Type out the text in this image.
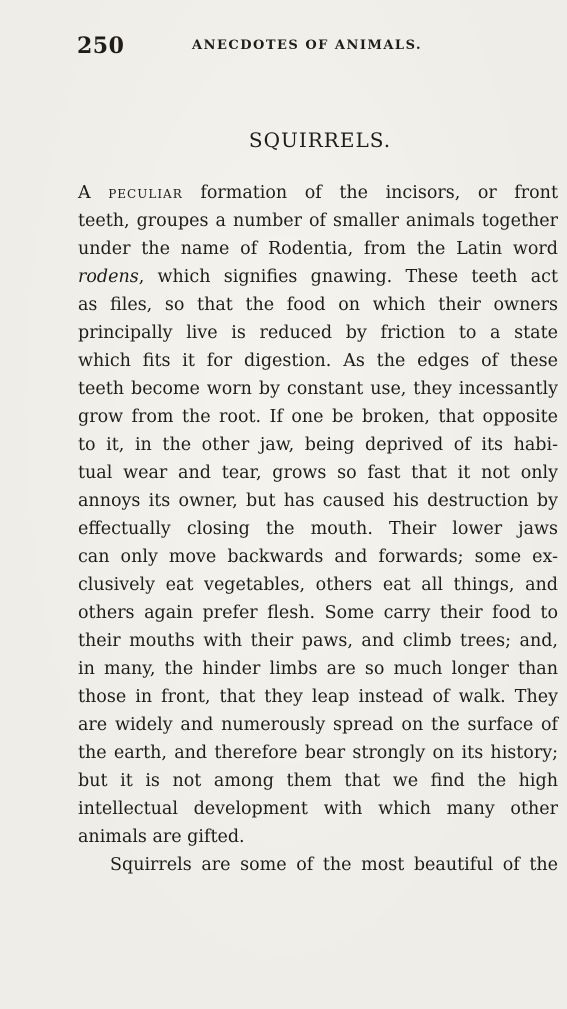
250	ANECDOTES OF ANIMALS.
SQUIRRELS.
A peculiar formation of the incisors, or front
teeth, groupes a number of smaller animals together
under the name of Rodentia, from the Latin word
rodens, which signifies gnawing. These teeth act
as files, so that the food on which their owners
principally live is reduced by friction to a state
which fits it for digestion. As the edges of these
teeth become worn by constant use, they incessantly
grow from the root. If one be broken, that opposite
to it, in the other jaw, being deprived of its habi-
tual wear and tear, grows so fast that it not only
annoys its owner, but has caused his destruction by
effectually closing the mouth. Their lower jaws
can only move backwards and forwards; some ex-
clusively eat vegetables, others eat all things, and
others again prefer flesh. Some carry their food to
their mouths with their paws, and climb trees; and,
in many, the hinder limbs are so much longer than
those in front, that they leap instead of walk. They
are widely and numerously spread on the surface of
the earth, and therefore bear strongly on its history;
but it is not among them that we find the high
intellectual development with which many other
animals are gifted.
Squirrels are some of the most beautiful of the
